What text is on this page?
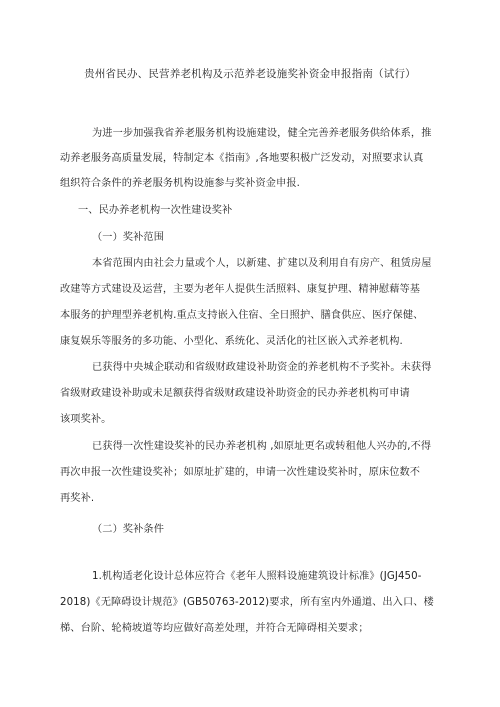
贵州省民办、民营养老机构及示范养老设施奖补资金申报指南（试行）
为进一步加强我省养老服务机构设施建设，健全完善养老服务供给体系，推
动养老服务高质量发展，特制定本《指南》,各地要积极广泛发动，对照要求认真
组织符合条件的养老服务机构设施参与奖补资金申报.
一、民办养老机构一次性建设奖补
（一）奖补范围
本省范围内由社会力量或个人，以新建、扩建以及利用自有房产、租赁房屋
改建等方式建设及运营，主要为老年人提供生活照料、康复护理、精神慰藉等基
本服务的护理型养老机构.重点支持嵌入住宿、全日照护、膳食供应、医疗保健、
康复娱乐等服务的多功能、小型化、系统化、灵活化的社区嵌入式养老机构.
已获得中央城企联动和省级财政建设补助资金的养老机构不予奖补。未获得
省级财政建设补助或未足额获得省级财政建设补助资金的民办养老机构可申请
该项奖补。
已获得一次性建设奖补的民办养老机构 ,如原址更名或转租他人兴办的,不得
再次申报一次性建设奖补；如原址扩建的，申请一次性建设奖补时，原床位数不
再奖补.
（二）奖补条件
1.机构适老化设计总体应符合《老年人照料设施建筑设计标准》(JGJ450-
2018)《无障碍设计规范》(GB50763-2012)要求，所有室内外通道、出入口、楼
梯、台阶、轮椅坡道等均应做好高差处理，并符合无障碍相关要求；
